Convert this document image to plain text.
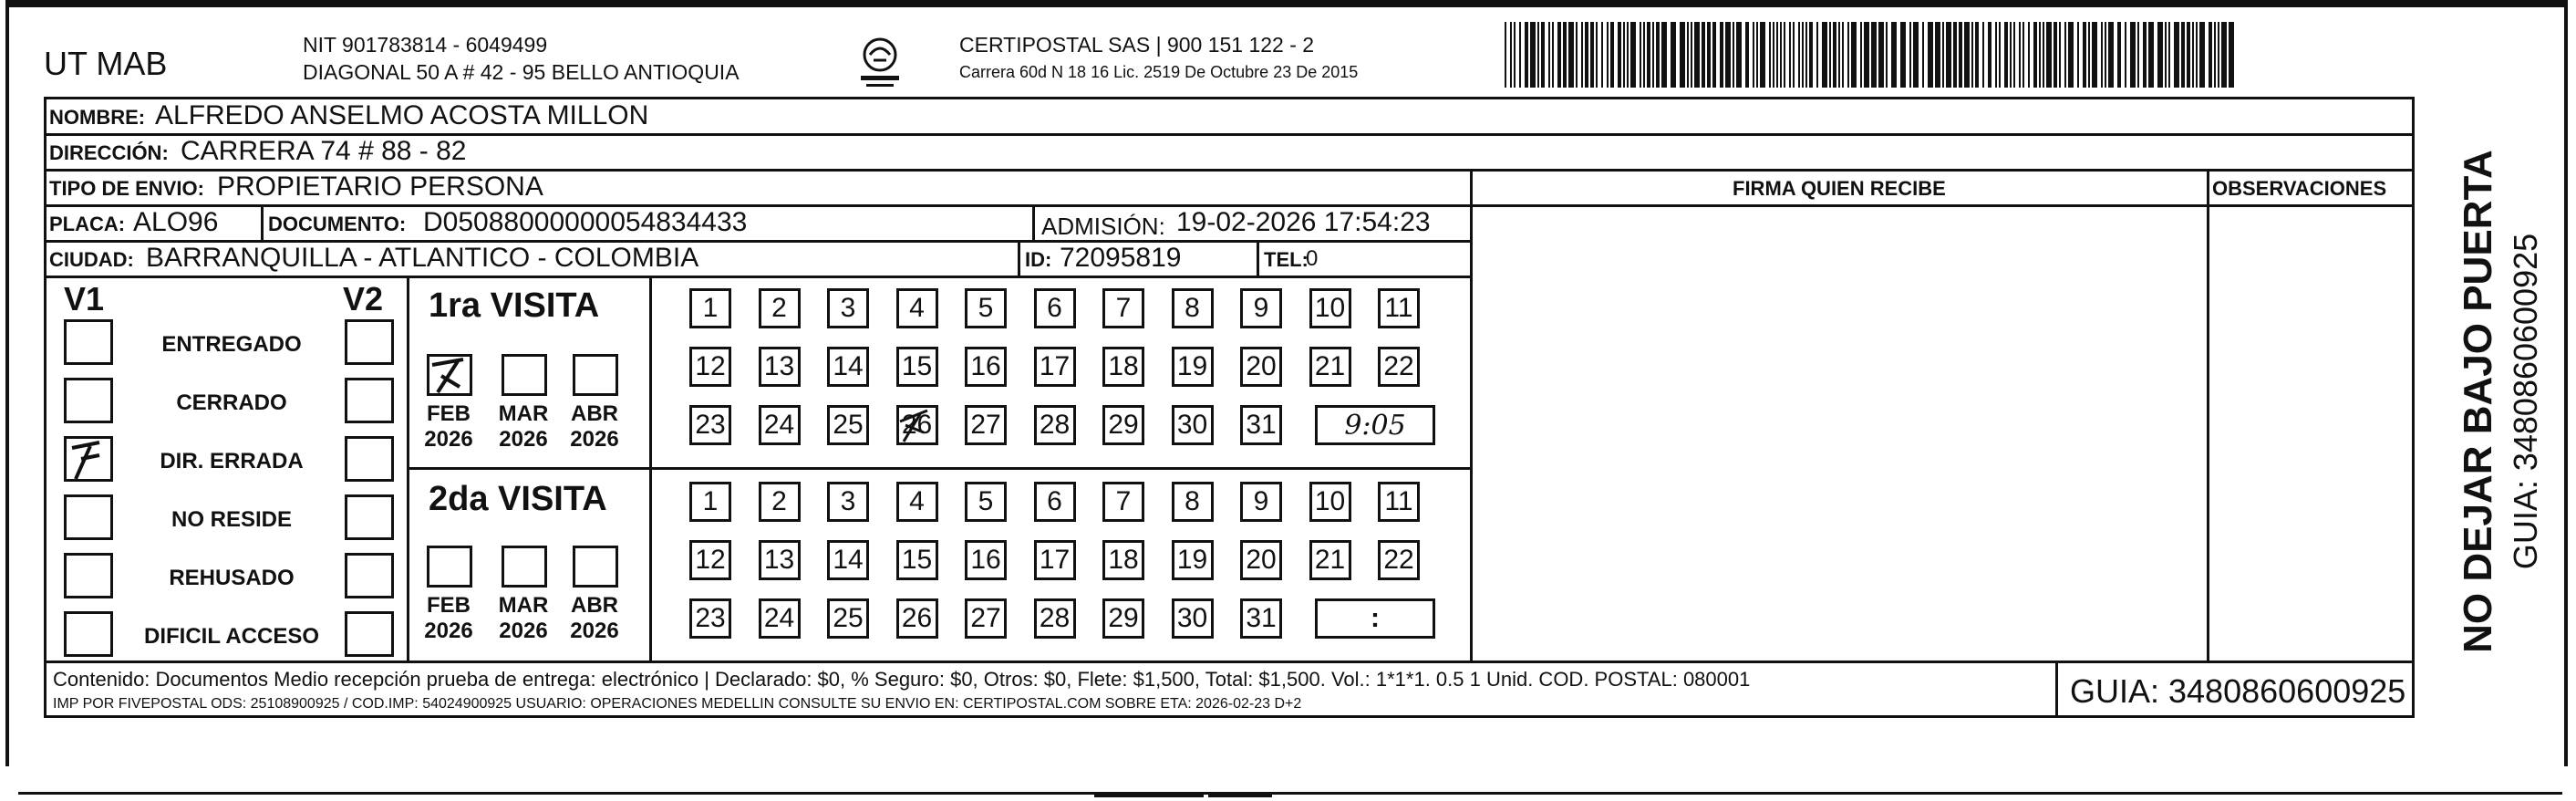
UT MAB	NIT 901783814 - 6049499
DIAGONAL 50 A # 42 - 95 BELLO ANTIOQUIA
CERTIPOSTAL SAS | 900 151 122 - 2
Carrera 60d N 18 16 Lic. 2519 De Octubre 23 De 2015
NOMBRE: ALFREDO ANSELMO ACOSTA MILLON
DIRECCIÓN: CARRERA 74 # 88 - 82
TIPO DE ENVIO: PROPIETARIO PERSONA	FIRMA QUIEN RECIBE	OBSERVACIONES
PLACA: ALO96 DOCUMENTO: D05088000000054834433	ADMISIÓN: 19-02-2026 17:54:23
CIUDAD: BARRANQUILLA - ATLANTICO - COLOMBIA	ID: 72095819	TEL:
0
V1	V2
ENTREGADO
CERRADO
DIR. ERRADA
NO RESIDE
REHUSADO
DIFICIL ACCESO
1ra VISITA
2da VISITA
FEB
2026
MAR
2026
ABR
2026
FEB
2026
MAR
2026
ABR
2026
1	2	3	4	5	6	7	8	9	10 11
12 13 14 15 16 17 18 19 20 21 22
23 24 25 26 27 28 29 30 31	9:05
1	2	3	4	5	6	7	8	9	10 11
12 13 14 15 16 17 18 19 20 21 22
23 24 25 26 27 28 29 30 31	:
Contenido: Documentos Medio recepción prueba de entrega: electrónico | Declarado: $0, % Seguro: $0, Otros: $0, Flete: $1,500, Total: $1,500. Vol.: 1*1*1. 0.5 1 Unid. COD. POSTAL: 080001
IMP POR FIVEPOSTAL ODS: 25108900925 / COD.IMP: 54024900925 USUARIO: OPERACIONES MEDELLIN CONSULTE SU ENVIO EN: CERTIPOSTAL.COM SOBRE ETA: 2026-02-23 D+2	GUIA: 3480860600925
NO DEJAR BAJO PUERTA GUIA: 3480860600925
